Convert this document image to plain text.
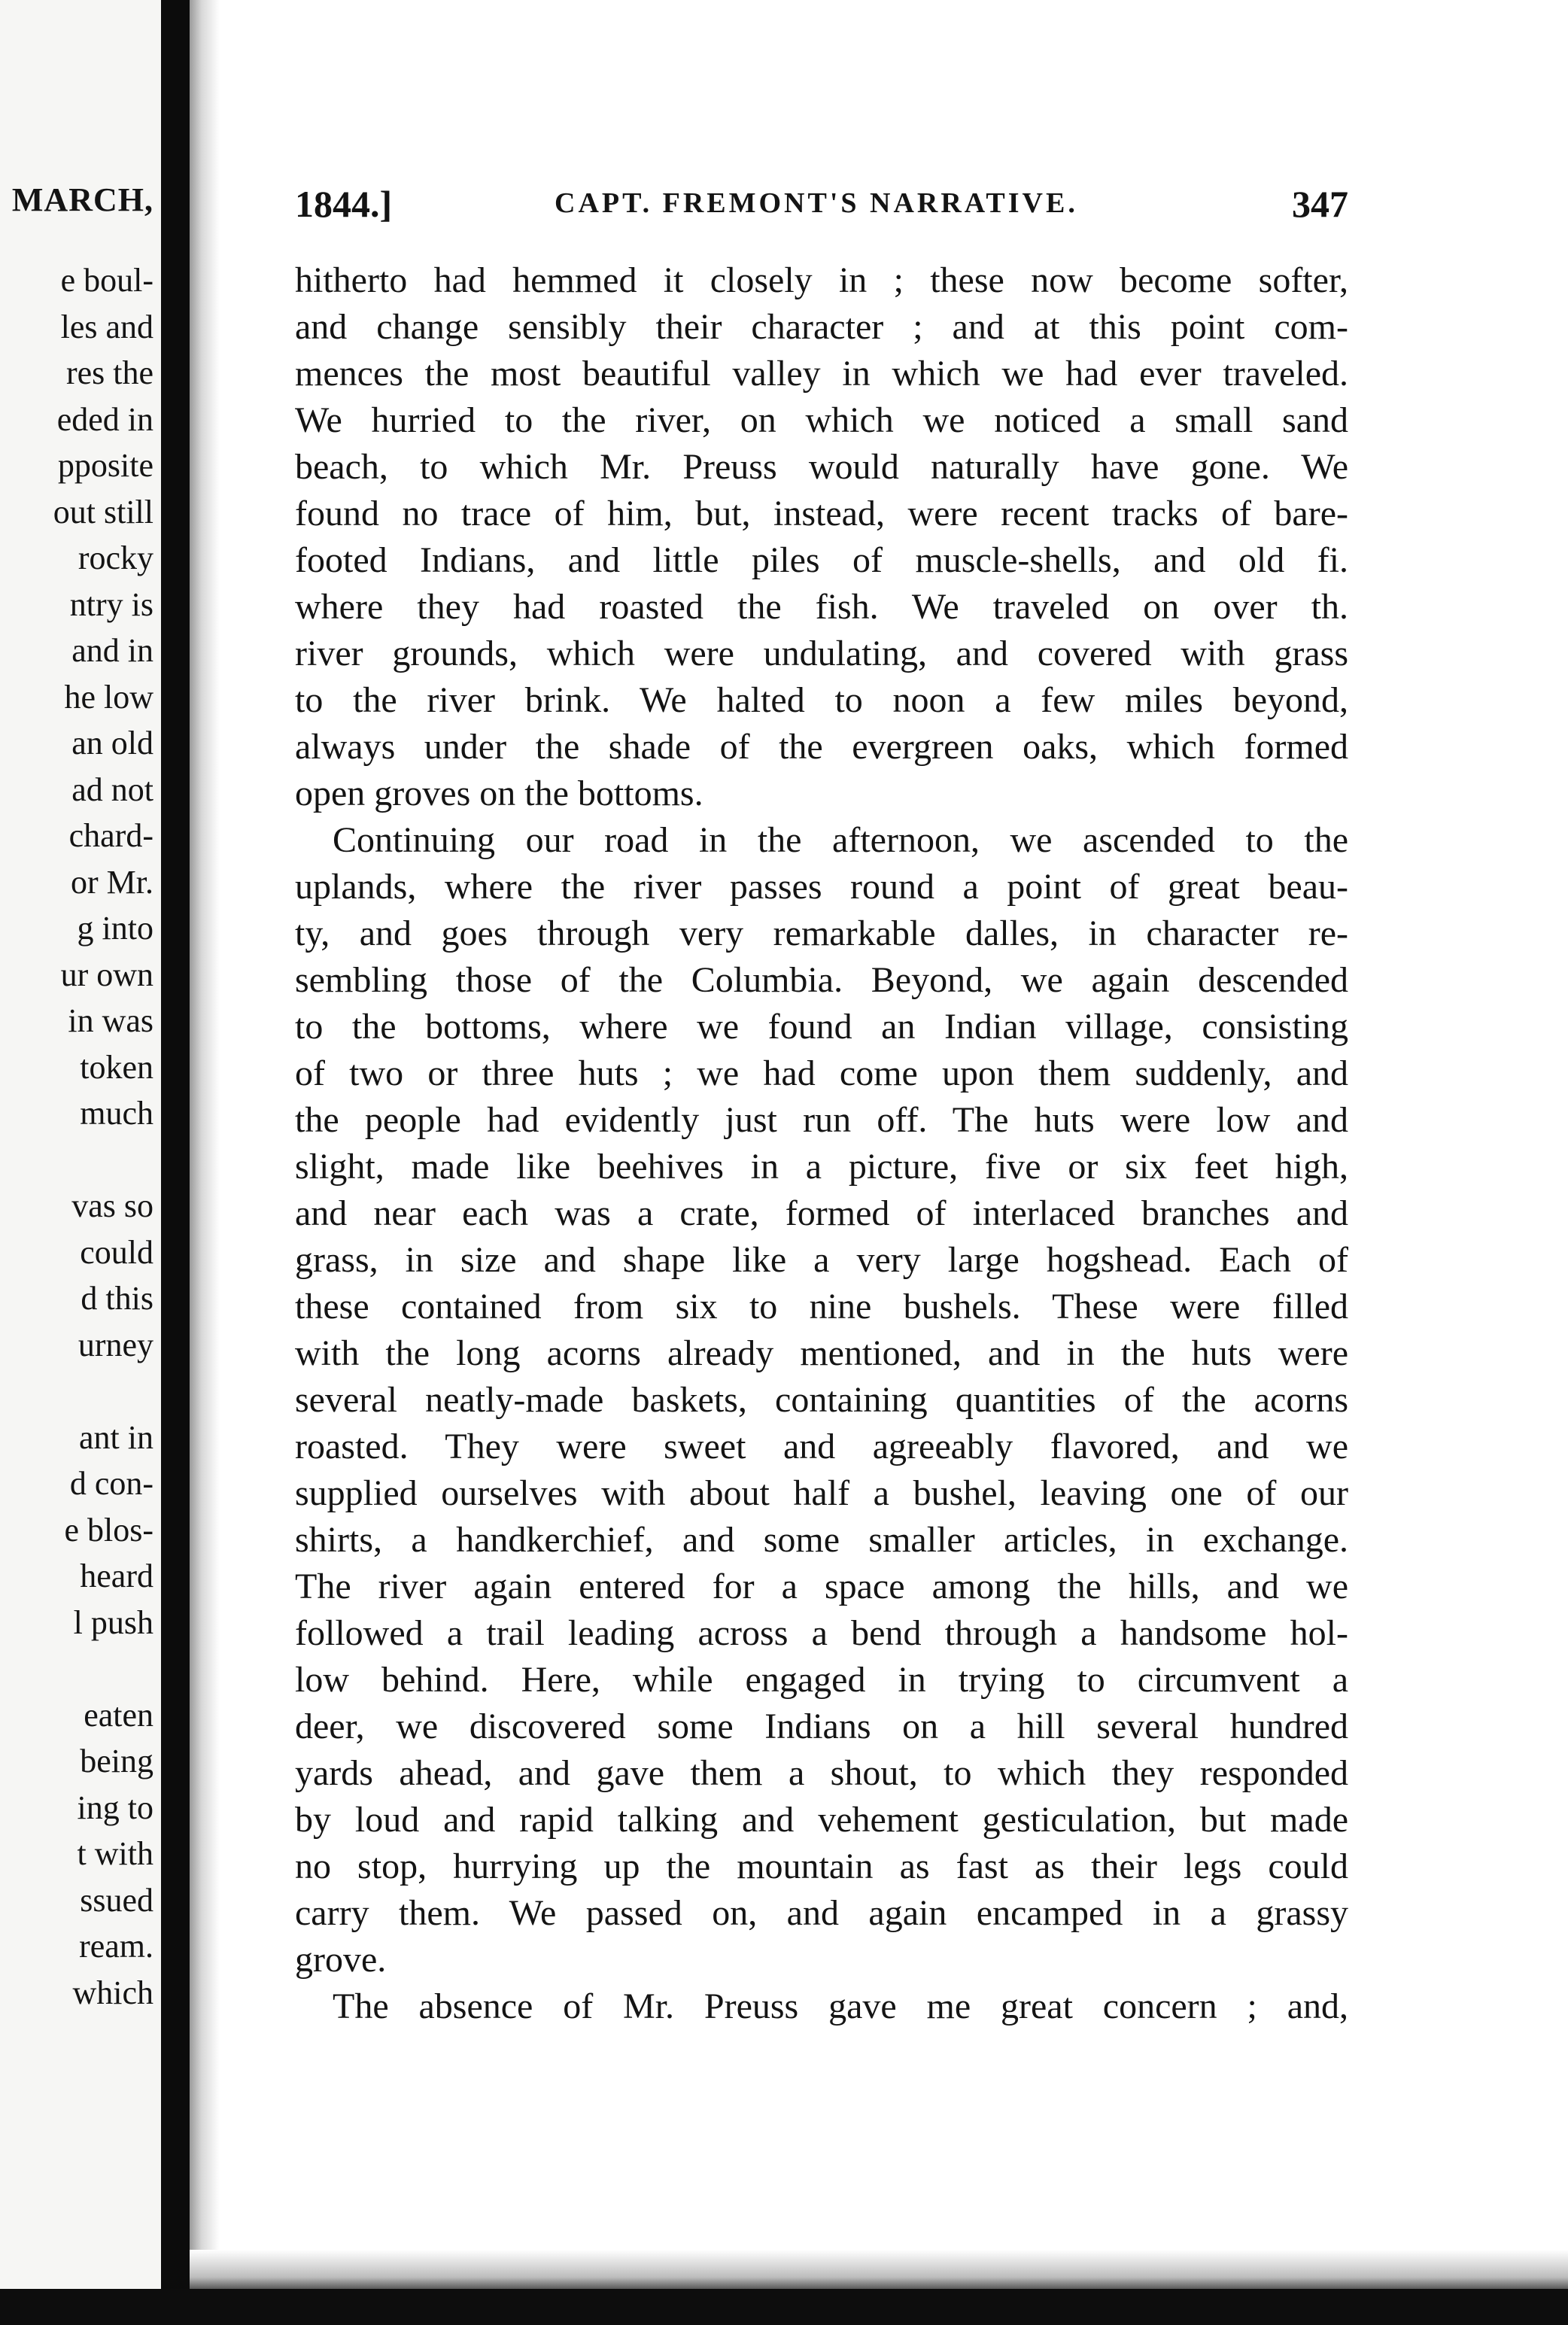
MARCH,
e boul-
les and
res the
eded in
pposite
out still
rocky
ntry is
and in
he low
an old
ad not
chard-
or Mr.
g into
ur own
in was
token
much
vas so
could
d this
urney
ant in
d con-
e blos-
heard
l push
eaten
being
ing to
t with
ssued
ream.
which
1844.]	CAPT. FREMONT'S NARRATIVE.	347
hitherto had hemmed it closely in ; these now become softer,
and change sensibly their character ; and at this point com-
mences the most beautiful valley in which we had ever traveled.
We hurried to the river, on which we noticed a small sand
beach, to which Mr. Preuss would naturally have gone. We
found no trace of him, but, instead, were recent tracks of bare-
footed Indians, and little piles of muscle-shells, and old fi.
where they had roasted the fish. We traveled on over th.
river grounds, which were undulating, and covered with grass
to the river brink. We halted to noon a few miles beyond,
always under the shade of the evergreen oaks, which formed
open groves on the bottoms.
Continuing our road in the afternoon, we ascended to the
uplands, where the river passes round a point of great beau-
ty, and goes through very remarkable dalles, in character re-
sembling those of the Columbia. Beyond, we again descended
to the bottoms, where we found an Indian village, consisting
of two or three huts ; we had come upon them suddenly, and
the people had evidently just run off. The huts were low and
slight, made like beehives in a picture, five or six feet high,
and near each was a crate, formed of interlaced branches and
grass, in size and shape like a very large hogshead. Each of
these contained from six to nine bushels. These were filled
with the long acorns already mentioned, and in the huts were
several neatly-made baskets, containing quantities of the acorns
roasted. They were sweet and agreeably flavored, and we
supplied ourselves with about half a bushel, leaving one of our
shirts, a handkerchief, and some smaller articles, in exchange.
The river again entered for a space among the hills, and we
followed a trail leading across a bend through a handsome hol-
low behind. Here, while engaged in trying to circumvent a
deer, we discovered some Indians on a hill several hundred
yards ahead, and gave them a shout, to which they responded
by loud and rapid talking and vehement gesticulation, but made
no stop, hurrying up the mountain as fast as their legs could
carry them. We passed on, and again encamped in a grassy
grove.
The absence of Mr. Preuss gave me great concern ; and,
